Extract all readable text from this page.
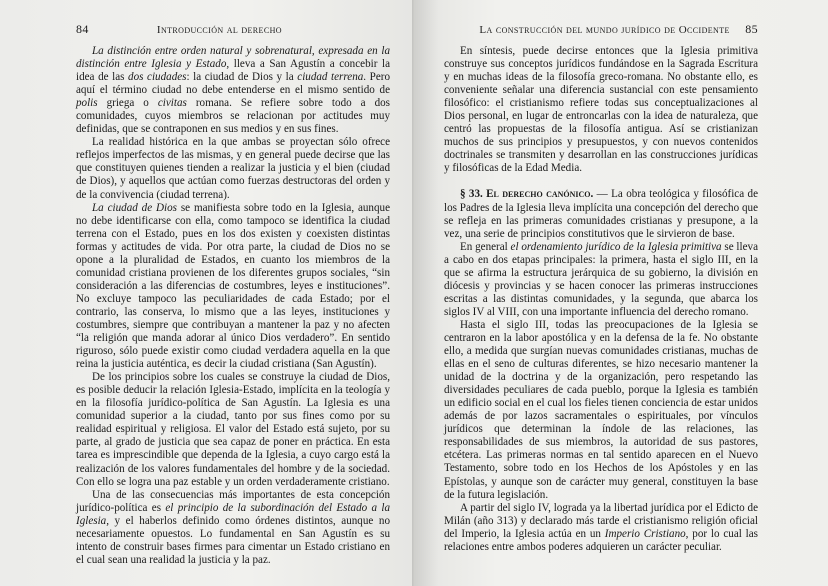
84	Introducción al derecho

La distinción entre orden natural y sobrenatural, expresada en la distinción entre Iglesia y Estado, lleva a San Agustín a concebir la idea de las dos ciudades: la ciudad de Dios y la ciudad terrena. Pero aquí el término ciudad no debe entenderse en el mismo sentido de polis griega o civitas romana. Se refiere sobre todo a dos comunidades, cuyos miembros se relacionan por actitudes muy definidas, que se contraponen en sus medios y en sus fines.

La realidad histórica en la que ambas se proyectan sólo ofrece reflejos imperfectos de las mismas, y en general puede decirse que las que constituyen quienes tienden a realizar la justicia y el bien (ciudad de Dios), y aquellos que actúan como fuerzas destructoras del orden y de la convivencia (ciudad terrena).

La ciudad de Dios se manifiesta sobre todo en la Iglesia, aunque no debe identificarse con ella, como tampoco se identifica la ciudad terrena con el Estado, pues en los dos existen y coexisten distintas formas y actitudes de vida. Por otra parte, la ciudad de Dios no se opone a la pluralidad de Estados, en cuanto los miembros de la comunidad cristiana provienen de los diferentes grupos sociales, “sin consideración a las diferencias de costumbres, leyes e instituciones”. No excluye tampoco las peculiaridades de cada Estado; por el contrario, las conserva, lo mismo que a las leyes, instituciones y costumbres, siempre que contribuyan a mantener la paz y no afecten “la religión que manda adorar al único Dios verdadero”. En sentido riguroso, sólo puede existir como ciudad verdadera aquella en la que reina la justicia auténtica, es decir la ciudad cristiana (San Agustín).

De los principios sobre los cuales se construye la ciudad de Dios, es posible deducir la relación Iglesia-Estado, implícita en la teología y en la filosofía jurídico-política de San Agustín. La Iglesia es una comunidad superior a la ciudad, tanto por sus fines como por su realidad espiritual y religiosa. El valor del Estado está sujeto, por su parte, al grado de justicia que sea capaz de poner en práctica. En esta tarea es imprescindible que dependa de la Iglesia, a cuyo cargo está la realización de los valores fundamentales del hombre y de la sociedad. Con ello se logra una paz estable y un orden verdaderamente cristiano.

Una de las consecuencias más importantes de esta concepción jurídico-política es el principio de la subordinación del Estado a la Iglesia, y el haberlos definido como órdenes distintos, aunque no necesariamente opuestos. Lo fundamental en San Agustín es su intento de construir bases firmes para cimentar un Estado cristiano en el cual sean una realidad la justicia y la paz.

La construcción del mundo jurídico de Occidente 85

En síntesis, puede decirse entonces que la Iglesia primitiva construye sus conceptos jurídicos fundándose en la Sagrada Escritura y en muchas ideas de la filosofía greco-romana. No obstante ello, es conveniente señalar una diferencia sustancial con este pensamiento filosófico: el cristianismo refiere todas sus conceptualizaciones al Dios personal, en lugar de entroncarlas con la idea de naturaleza, que centró las propuestas de la filosofía antigua. Así se cristianizan muchos de sus principios y presupuestos, y con nuevos contenidos doctrinales se transmiten y desarrollan en las construcciones jurídicas y filosóficas de la Edad Media.

§ 33. El derecho canónico. — La obra teológica y filosófica de los Padres de la Iglesia lleva implícita una concepción del derecho que se refleja en las primeras comunidades cristianas y presupone, a la vez, una serie de principios constitutivos que le sirvieron de base.

En general el ordenamiento jurídico de la Iglesia primitiva se lleva a cabo en dos etapas principales: la primera, hasta el siglo III, en la que se afirma la estructura jerárquica de su gobierno, la división en diócesis y provincias y se hacen conocer las primeras instrucciones escritas a las distintas comunidades, y la segunda, que abarca los siglos IV al VIII, con una importante influencia del derecho romano.

Hasta el siglo III, todas las preocupaciones de la Iglesia se centraron en la labor apostólica y en la defensa de la fe. No obstante ello, a medida que surgían nuevas comunidades cristianas, muchas de ellas en el seno de culturas diferentes, se hizo necesario mantener la unidad de la doctrina y de la organización, pero respetando las diversidades peculiares de cada pueblo, porque la Iglesia es también un edificio social en el cual los fieles tienen conciencia de estar unidos además de por lazos sacramentales o espirituales, por vínculos jurídicos que determinan la índole de las relaciones, las responsabilidades de sus miembros, la autoridad de sus pastores, etcétera. Las primeras normas en tal sentido aparecen en el Nuevo Testamento, sobre todo en los Hechos de los Apóstoles y en las Epístolas, y aunque son de carácter muy general, constituyen la base de la futura legislación.

A partir del siglo IV, lograda ya la libertad jurídica por el Edicto de Milán (año 313) y declarado más tarde el cristianismo religión oficial del Imperio, la Iglesia actúa en un Imperio Cristiano, por lo cual las relaciones entre ambos poderes adquieren un carácter peculiar.
